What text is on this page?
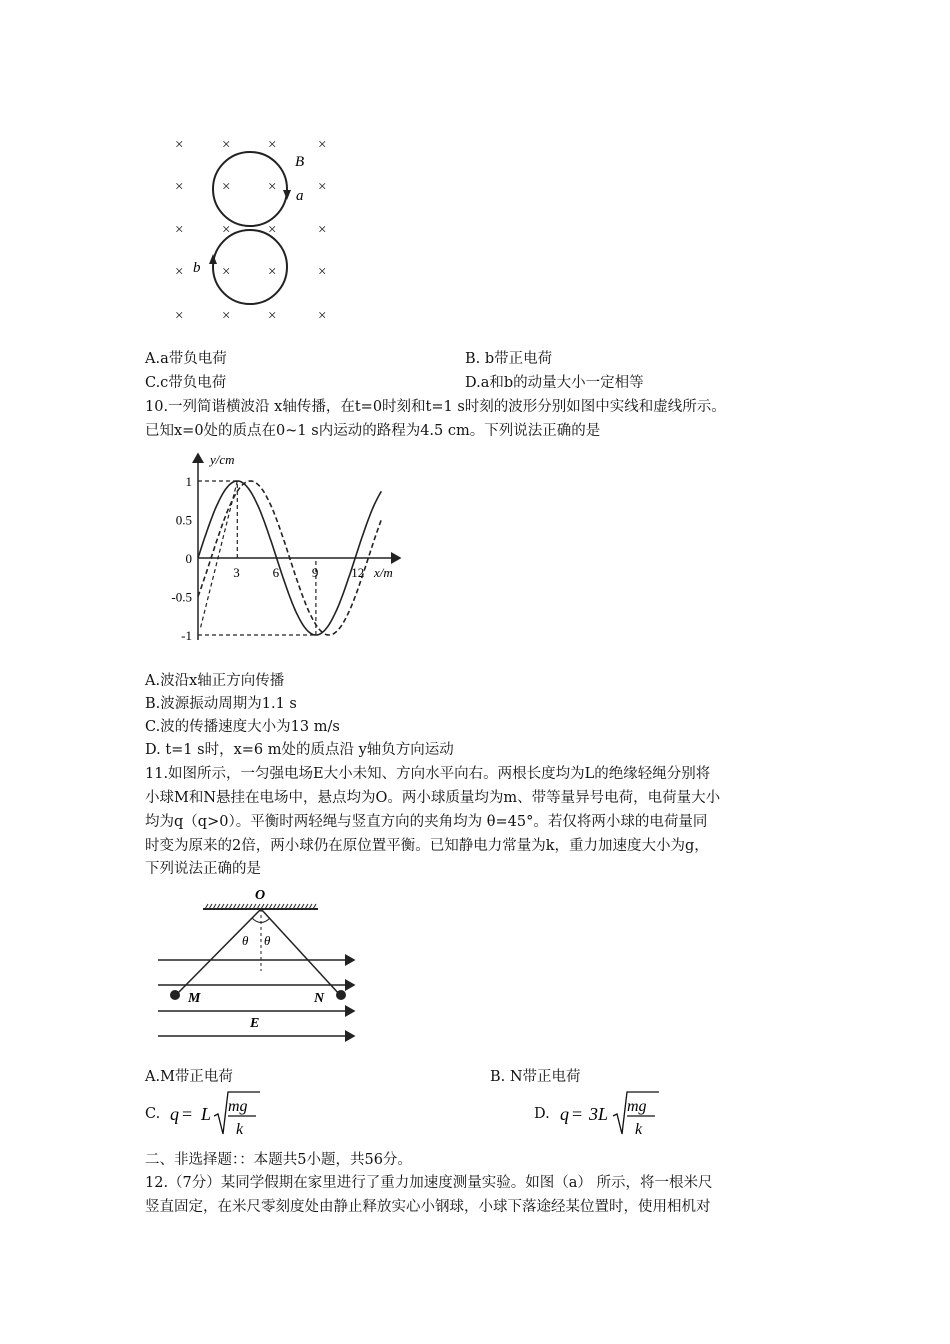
×	×	×	×
×	×	×	×
×	×	×	×
×	×	×	×
×	×	×	×
B
a
b
A.a带负电荷	B. b带正电荷
C.c带负电荷	D.a和b的动量大小一定相等
10.一列简谐横波沿 x轴传播，在t=0时刻和t=1 s时刻的波形分别如图中实线和虚线所示。
已知x=0处的质点在0~1 s内运动的路程为4.5 cm。下列说法正确的是
y/cm
x/m
3	6	9	12
1
0.5
0
-0.5
-1
A.波沿x轴正方向传播
B.波源振动周期为1.1 s
C.波的传播速度大小为13 m/s
D. t=1 s时，x=6 m处的质点沿 y轴负方向运动
11.如图所示，一匀强电场E大小未知、方向水平向右。两根长度均为L的绝缘轻绳分别将
小球M和N悬挂在电场中，悬点均为O。两小球质量均为m、带等量异号电荷，电荷量大小
均为q（q>0）。平衡时两轻绳与竖直方向的夹角均为 θ=45°。若仅将两小球的电荷量同
时变为原来的2倍，两小球仍在原位置平衡。已知静电力常量为k，重力加速度大小为g，
下列说法正确的是
O
θ θ
M	N
E
A.M带正电荷	B. N带正电荷
C. q = L mg
k
D. q = 3L mg
k
二、非选择题：：本题共5小题，共56分。
12.（7分）某同学假期在家里进行了重力加速度测量实验。如图（a） 所示，将一根米尺
竖直固定，在米尺零刻度处由静止释放实心小钢球，小球下落途经某位置时，使用相机对
